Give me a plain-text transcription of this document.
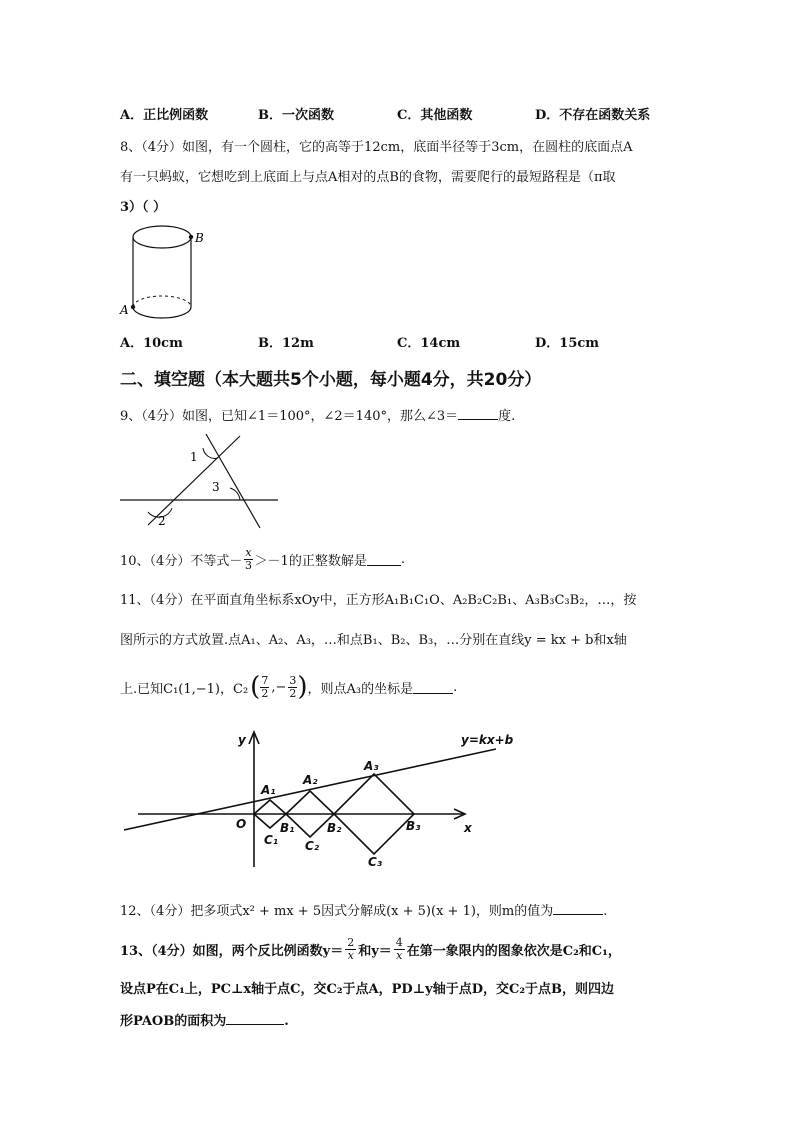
A．正比例函数	B．一次函数	C．其他函数	D．不存在函数关系
8、（4分）如图，有一个圆柱，它的高等于12cm，底面半径等于3cm，在圆柱的底面点A
有一只蚂蚁，它想吃到上底面上与点A相对的点B的食物，需要爬行的最短路程是（π取
3）（ ）
B
A
A．10cm	B．12m	C．14cm	D．15cm
二、填空题（本大题共5个小题，每小题4分，共20分）
9、（4分）如图，已知∠1＝100°，∠2＝140°，那么∠3＝	度.
1
2
3
10、（4分）不等式－ $\frac{x}{3} >-1$的正整数解是	.
11、（4分）在平面直角坐标系xOy中，正方形A₁B₁C₁O、A₂B₂C₂B₁、A₃B₃C₃B₂，…，按
图所示的方式放置.点A₁、A₂、A₃，…和点B₁、B₂、B₃，…分别在直线y = kx + b和x轴
上.已知C₁(1,−1)，C₂ ( $\frac{7}{2}$ ,− $\frac{3}{2}$ ) ，则点A₃的坐标是	.
y
x
O
y=kx+b
A₁
A₂
A₃
B₁	B₂	B₃
C₁ C₂
C₃
12、（4分）把多项式x² + mx + 5因式分解成(x + 5)(x + 1)，则m的值为	.
13、（4分）如图，两个反比例函数$y= \frac{2}{x}$ 和$y= \frac{4}{x}$ 在第一象限内的图象依次是C₂和C₁，
设点P在C₁上，PC⊥x轴于点C，交C₂于点A，PD⊥y轴于点D，交C₂于点B，则四边
形PAOB的面积为	.
